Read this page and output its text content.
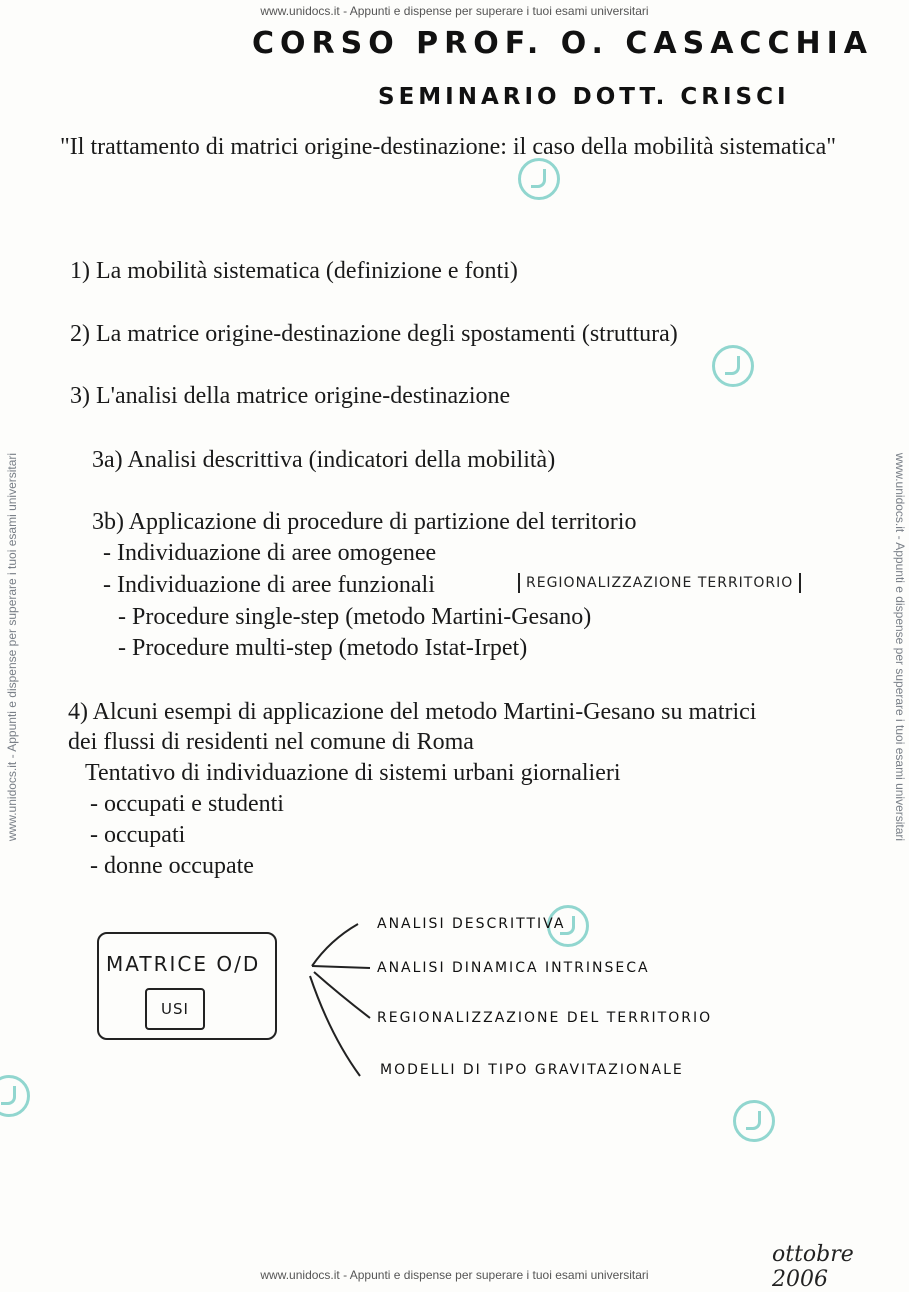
www.unidocs.it - Appunti e dispense per superare i tuoi esami universitari
www.unidocs.it - Appunti e dispense per superare i tuoi esami universitari
www.unidocs.it - Appunti e dispense per superare i tuoi esami universitari	www.unidocs.it - Appunti e dispense per superare i tuoi esami universitari
CORSO PROF. O. CASACCHIA
SEMINARIO DOTT. CRISCI
"Il trattamento di matrici origine-destinazione: il caso della mobilità sistematica"
1) La mobilità sistematica (definizione e fonti)
2) La matrice origine-destinazione degli spostamenti (struttura)
3) L'analisi della matrice origine-destinazione
3a) Analisi descrittiva (indicatori della mobilità)
3b) Applicazione di procedure di partizione del territorio
- Individuazione di aree omogenee
- Individuazione di aree funzionali	REGIONALIZZAZIONE TERRITORIO
- Procedure single-step (metodo Martini-Gesano)
- Procedure multi-step (metodo Istat-Irpet)
4) Alcuni esempi di applicazione del metodo Martini-Gesano su matrici
dei flussi di residenti nel comune di Roma
Tentativo di individuazione di sistemi urbani giornalieri
- occupati e studenti
- occupati
- donne occupate
MATRICE O/D
USI
ANALISI DESCRITTIVA
ANALISI DINAMICA INTRINSECA
REGIONALIZZAZIONE DEL TERRITORIO
MODELLI DI TIPO GRAVITAZIONALE
ottobre 2006
